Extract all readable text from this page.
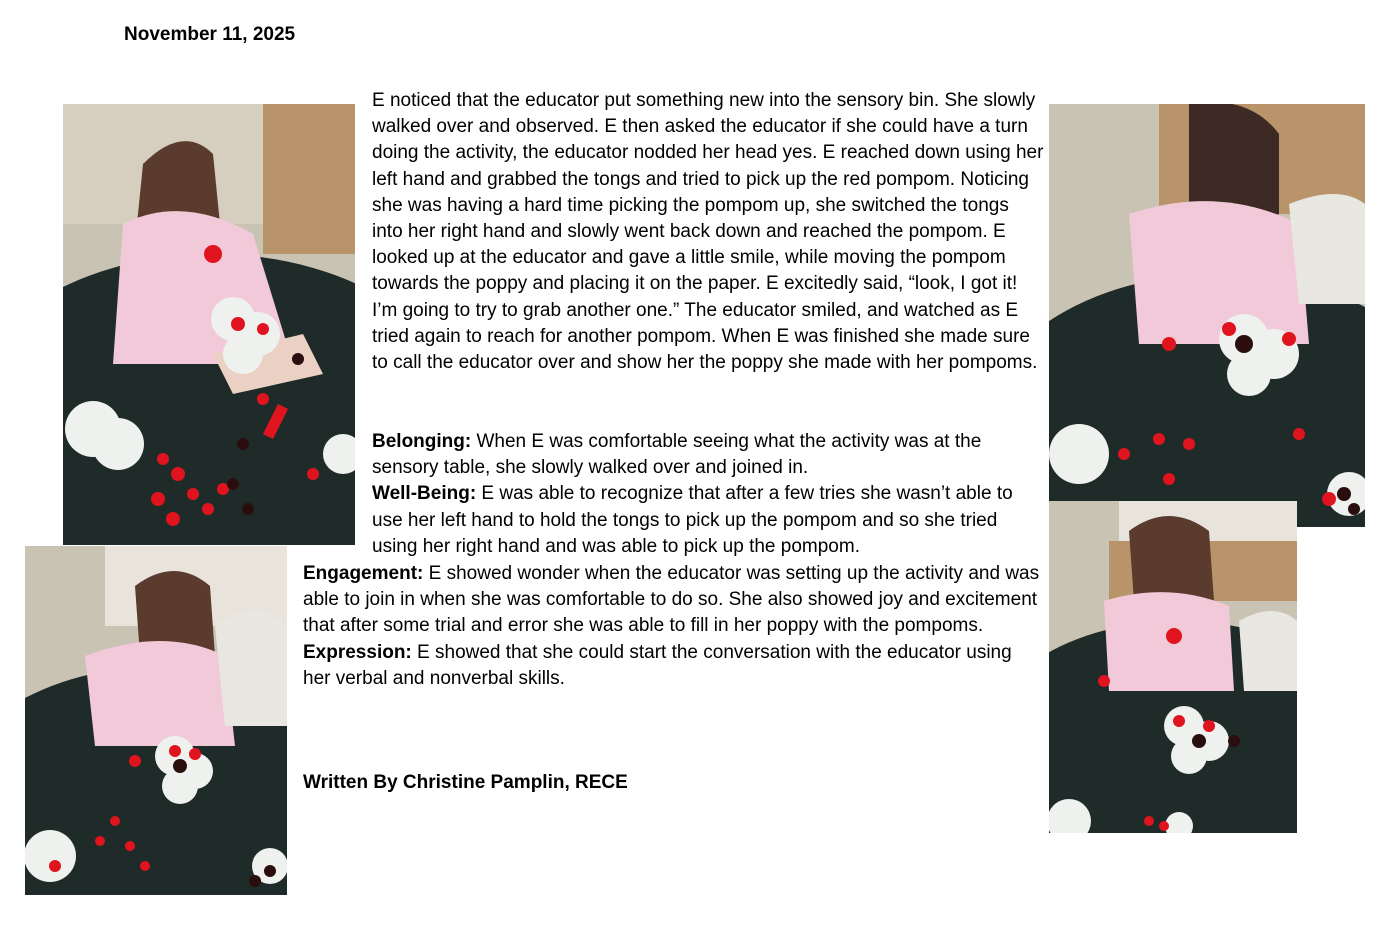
November 11, 2025

E noticed that the educator put something new into the sensory bin. She slowly walked over and observed. E then asked the educator if she could have a turn doing the activity, the educator nodded her head yes. E reached down using her left hand and grabbed the tongs and tried to pick up the red pompom. Noticing she was having a hard time picking the pompom up, she switched the tongs into her right hand and slowly went back down and reached the pompom. E looked up at the educator and gave a little smile, while moving the pompom towards the poppy and placing it on the paper. E excitedly said, “look, I got it! I’m going to try to grab another one.” The educator smiled, and watched as E tried again to reach for another pompom. When E was finished she made sure to call the educator over and show her the poppy she made with her pompoms.

Belonging: When E was comfortable seeing what the activity was at the sensory table, she slowly walked over and joined in.

Well-Being: E was able to recognize that after a few tries she wasn’t able to use her left hand to hold the tongs to pick up the pompom and so she tried using her right hand and was able to pick up the pompom.

Engagement: E showed wonder when the educator was setting up the activity and was able to join in when she was comfortable to do so. She also showed joy and excitement that after some trial and error she was able to fill in her poppy with the pompoms.

Expression: E showed that she could start the conversation with the educator using her verbal and nonverbal skills.

Written By Christine Pamplin, RECE
